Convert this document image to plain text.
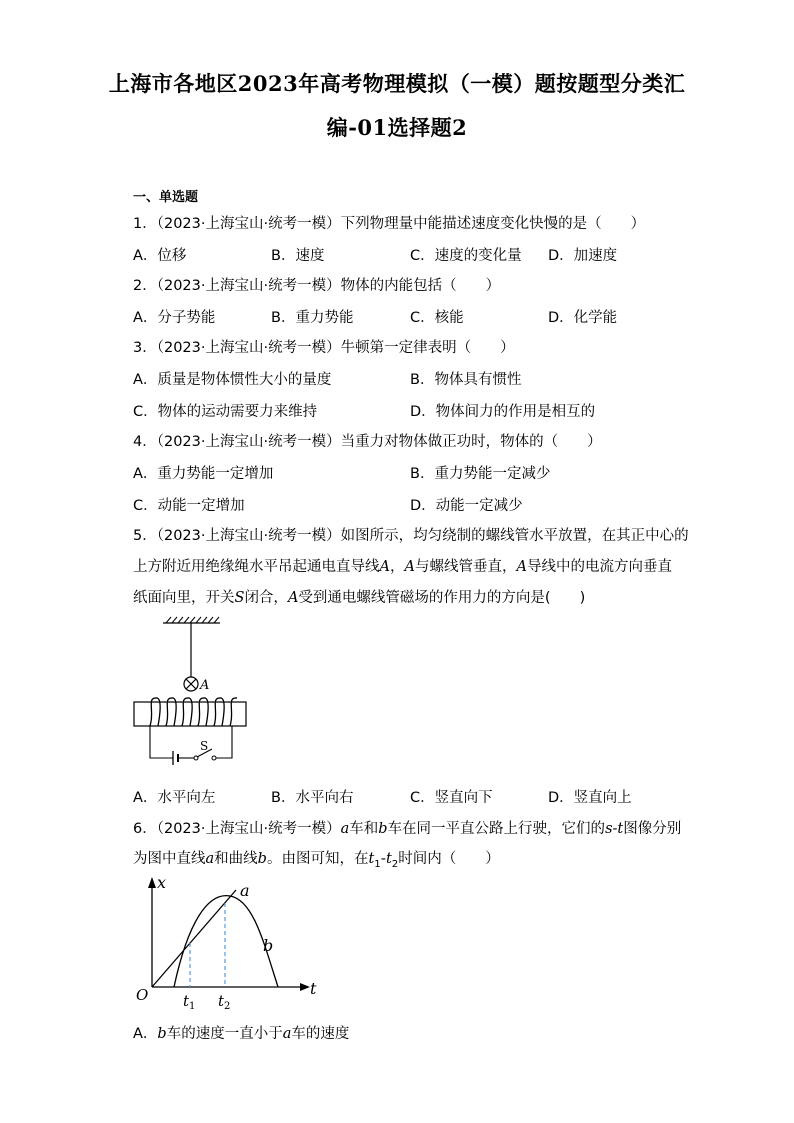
上海市各地区2023年高考物理模拟（一模）题按题型分类汇
编-01选择题2
一、单选题
1．（2023·上海宝山·统考一模）下列物理量中能描述速度变化快慢的是（　　）
A．位移	B．速度	C．速度的变化量 D．加速度
2．（2023·上海宝山·统考一模）物体的内能包括（　　）
A．分子势能	B．重力势能	C．核能	D．化学能
3．（2023·上海宝山·统考一模）牛顿第一定律表明（　　）
A．质量是物体惯性大小的量度	B．物体具有惯性
C．物体的运动需要力来维持	D．物体间力的作用是相互的
4．（2023·上海宝山·统考一模）当重力对物体做正功时，物体的（　　）
A．重力势能一定增加	B．重力势能一定减少
C．动能一定增加	D．动能一定减少
5．（2023·上海宝山·统考一模）如图所示，均匀绕制的螺线管水平放置，在其正中心的
上方附近用绝缘绳水平吊起通电直导线A，A与螺线管垂直，A导线中的电流方向垂直
纸面向里，开关S闭合，A受到通电螺线管磁场的作用力的方向是(　　)
A
S
A．水平向左	B．水平向右	C．竖直向下	D．竖直向上
6．（2023·上海宝山·统考一模）a车和b车在同一平直公路上行驶，它们的s-t图像分别
为图中直线a和曲线b。由图可知，在$t_1-t_2$时间内（　　）
x
t
O
a
b
$t_1$ $t_2$
A．b车的速度一直小于a车的速度
